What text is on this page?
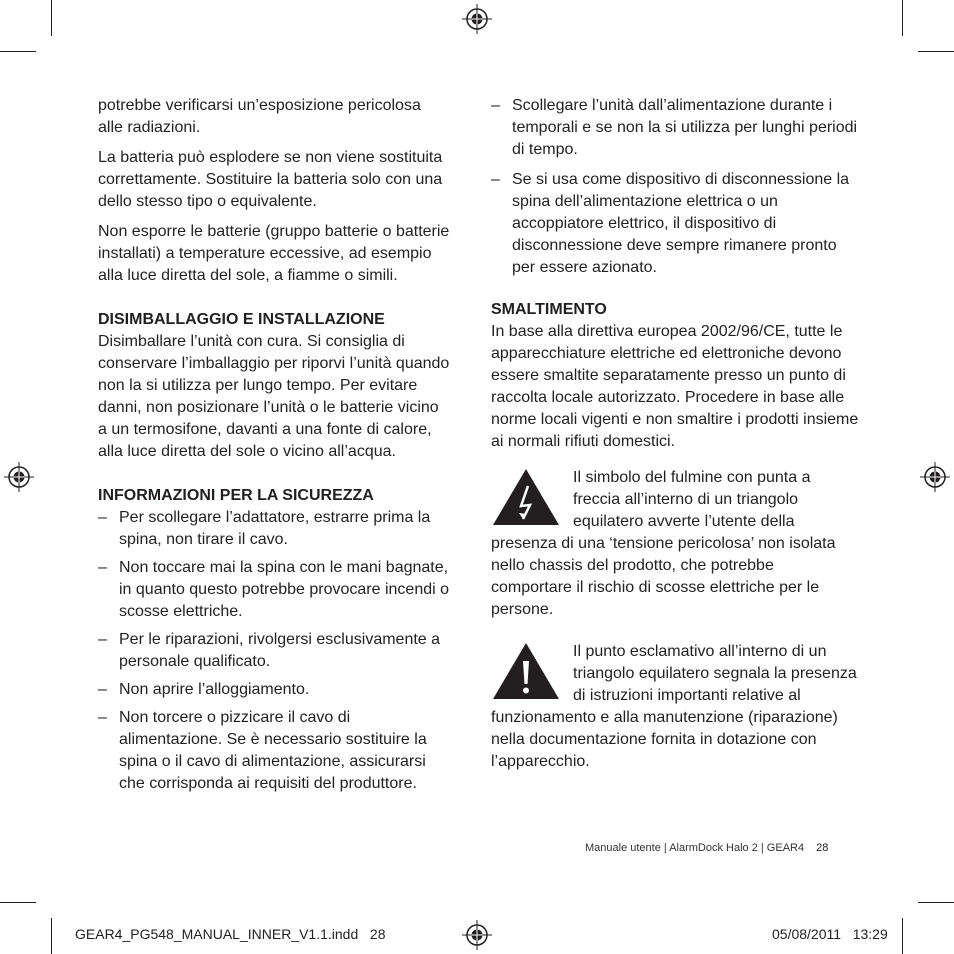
potrebbe verificarsi un’esposizione pericolosa alle radiazioni.

La batteria può esplodere se non viene sostituita correttamente. Sostituire la batteria solo con una dello stesso tipo o equivalente.

Non esporre le batterie (gruppo batterie o batterie installati) a temperature eccessive, ad esempio alla luce diretta del sole, a fiamme o simili.

DISIMBALLAGGIO E INSTALLAZIONE

Disimballare l’unità con cura. Si consiglia di conservare l’imballaggio per riporvi l’unità quando non la si utilizza per lungo tempo. Per evitare danni, non posizionare l’unità o le batterie vicino a un termosifone, davanti a una fonte di calore, alla luce diretta del sole o vicino all’acqua.

INFORMAZIONI PER LA SICUREZZA

– Per scollegare l’adattatore, estrarre prima la spina, non tirare il cavo.
– Non toccare mai la spina con le mani bagnate, in quanto questo potrebbe provocare incendi o scosse elettriche.
– Per le riparazioni, rivolgersi esclusivamente a personale qualificato.
– Non aprire l’alloggiamento.
– Non torcere o pizzicare il cavo di alimentazione. Se è necessario sostituire la spina o il cavo di alimentazione, assicurarsi che corrisponda ai requisiti del produttore.
– Scollegare l’unità dall’alimentazione durante i temporali e se non la si utilizza per lunghi periodi di tempo.
– Se si usa come dispositivo di disconnessione la spina dell’alimentazione elettrica o un accoppiatore elettrico, il dispositivo di disconnessione deve sempre rimanere pronto per essere azionato.

SMALTIMENTO

In base alla direttiva europea 2002/96/CE, tutte le apparecchiature elettriche ed elettroniche devono essere smaltite separatamente presso un punto di raccolta locale autorizzato. Procedere in base alle norme locali vigenti e non smaltire i prodotti insieme ai normali rifiuti domestici.

Il simbolo del fulmine con punta a freccia all’interno di un triangolo equilatero avverte l’utente della presenza di una ‘tensione pericolosa’ non isolata nello chassis del prodotto, che potrebbe comportare il rischio di scosse elettriche per le persone.

Il punto esclamativo all’interno di un triangolo equilatero segnala la presenza di istruzioni importanti relative al funzionamento e alla manutenzione (riparazione) nella documentazione fornita in dotazione con l’apparecchio.

Manuale utente | AlarmDock Halo 2 | GEAR4 28
GEAR4_PG548_MANUAL_INNER_V1.1.indd   28	05/08/2011   13:29
